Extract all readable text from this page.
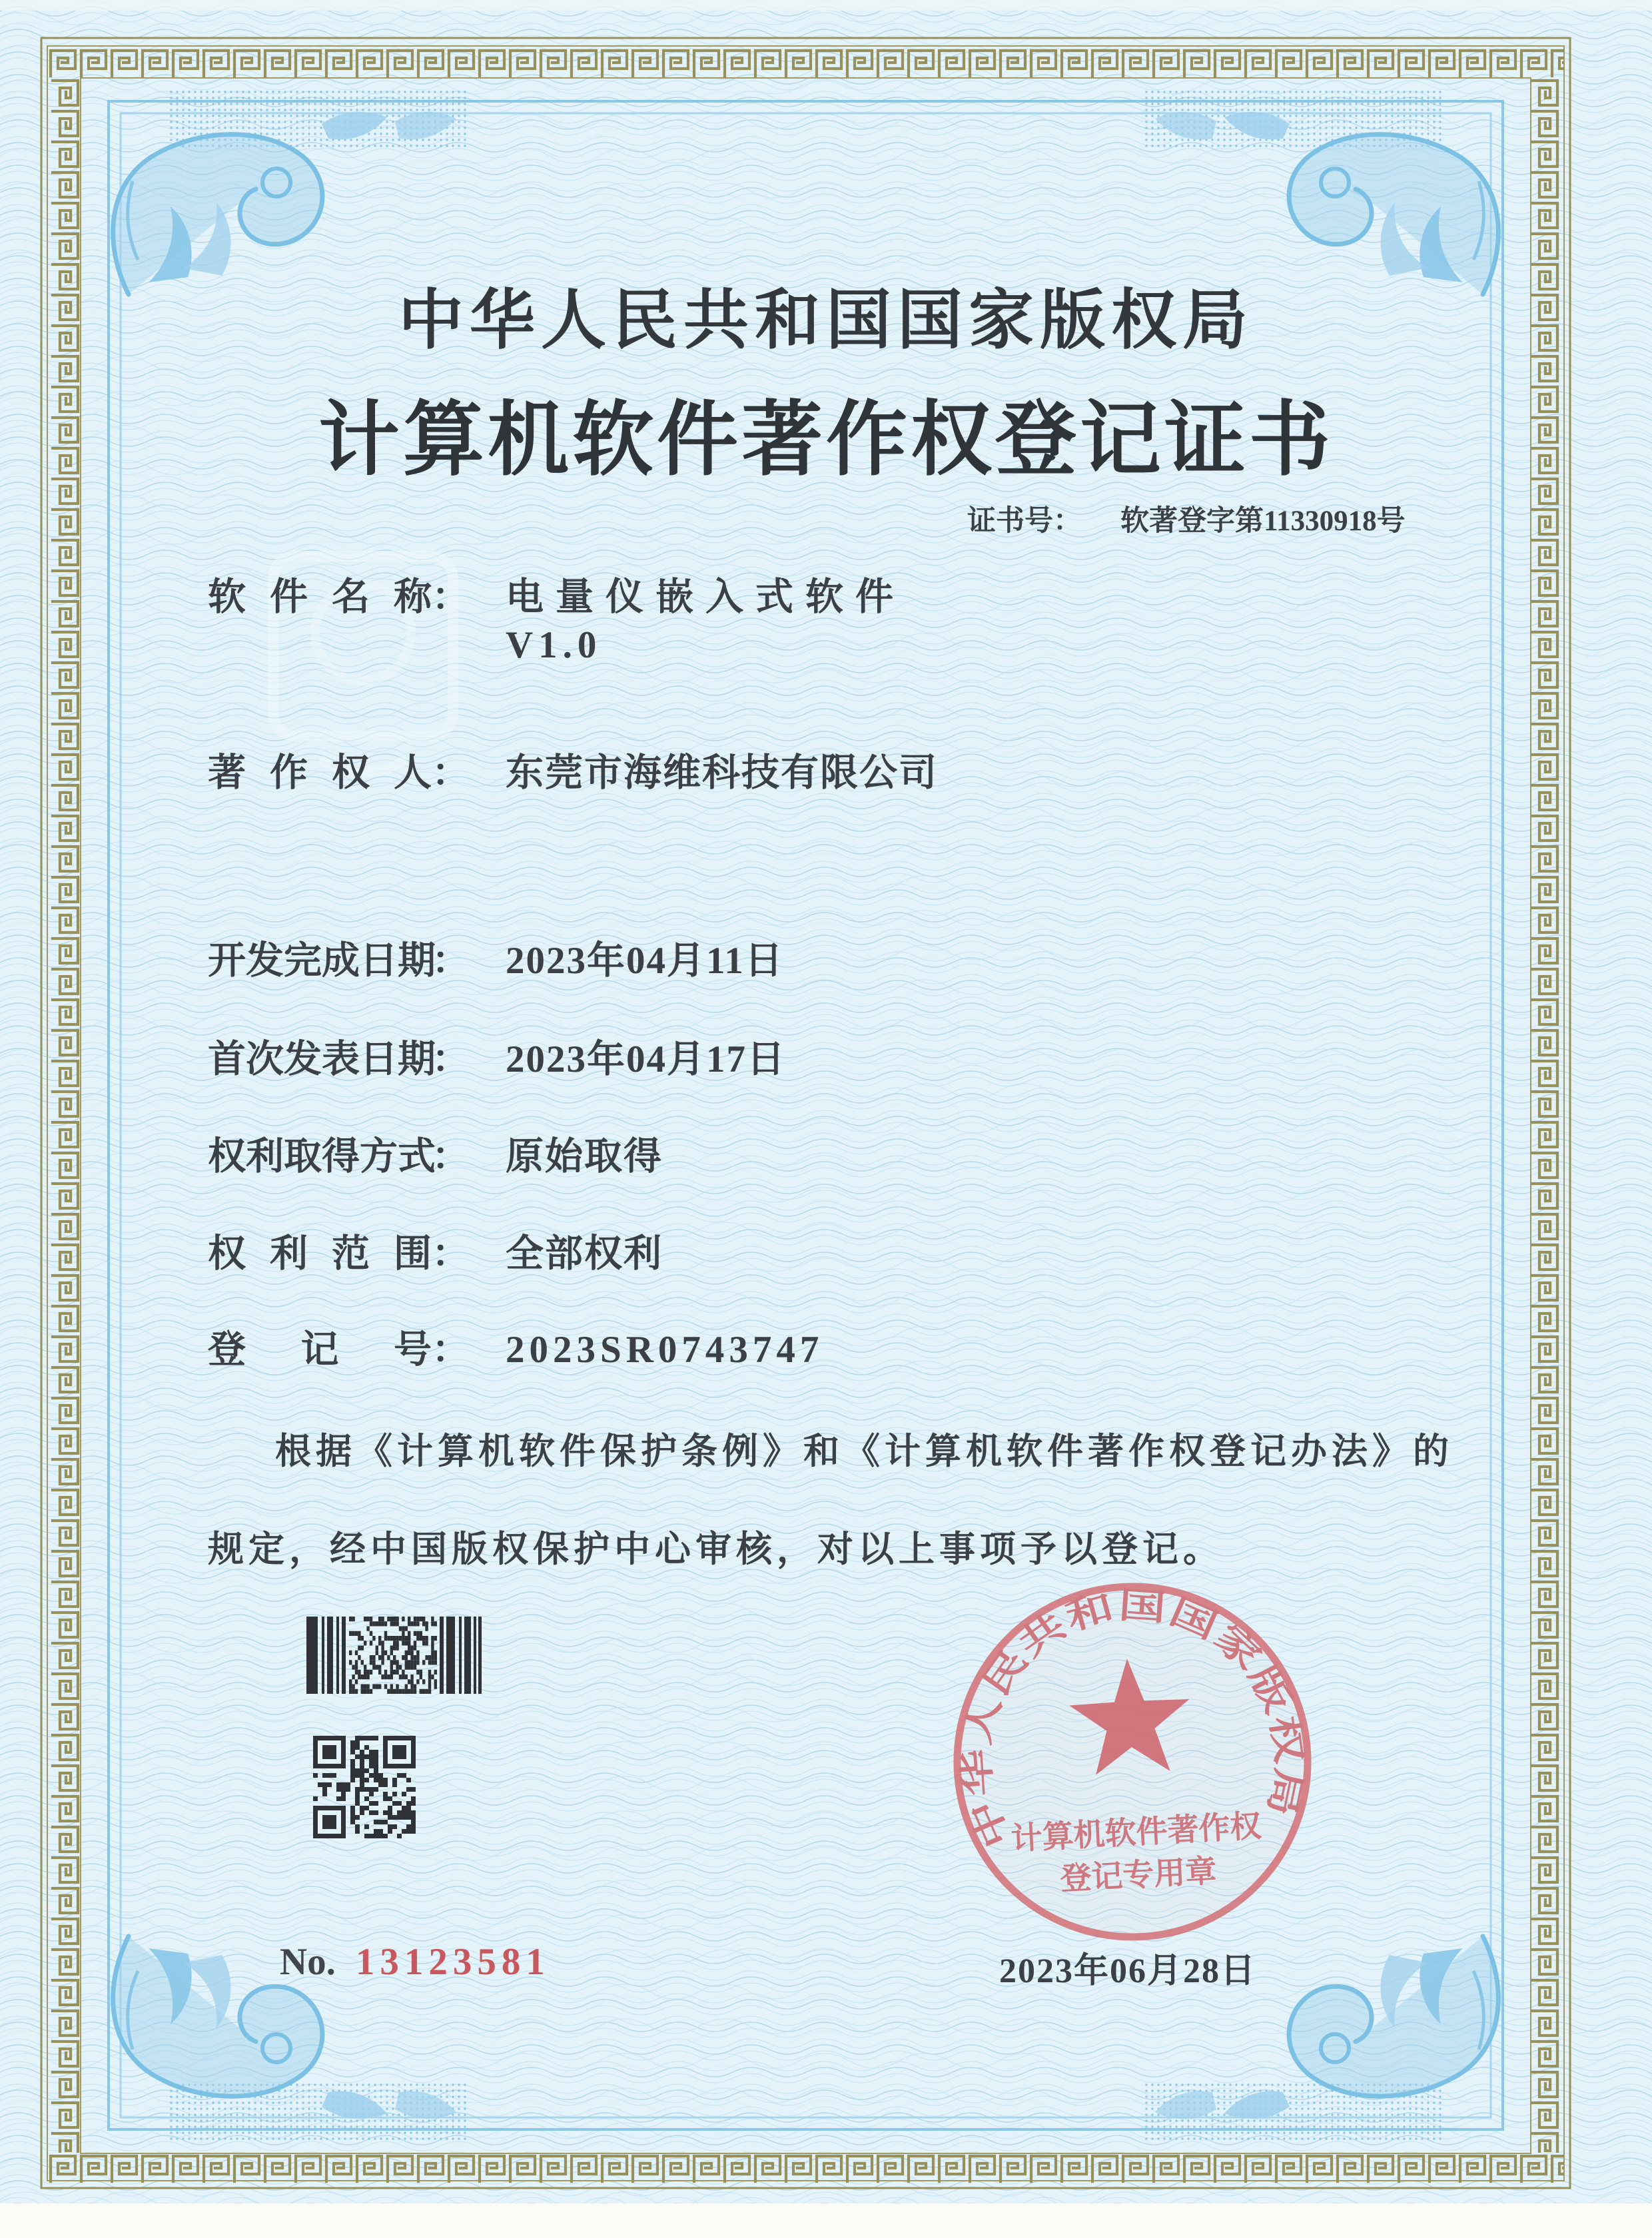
中华人民共和国国家版权局
计算机软件著作权
登记专用章
中华人民共和国国家版权局
计算机软件著作权登记证书
证书号： 软著登字第11330918号
软件名称： 电量仪嵌入式软件
V1.0
著作权人： 东莞市海维科技有限公司
开发完成日期： 2023年04月11日
首次发表日期： 2023年04月17日
权利取得方式： 原始取得
权利范围： 全部权利
登记号： 2023SR0743747
根据《计算机软件保护条例》和《计算机软件著作权登记办法》的
规定，经中国版权保护中心审核，对以上事项予以登记。
No. 13123581	2023年06月28日
